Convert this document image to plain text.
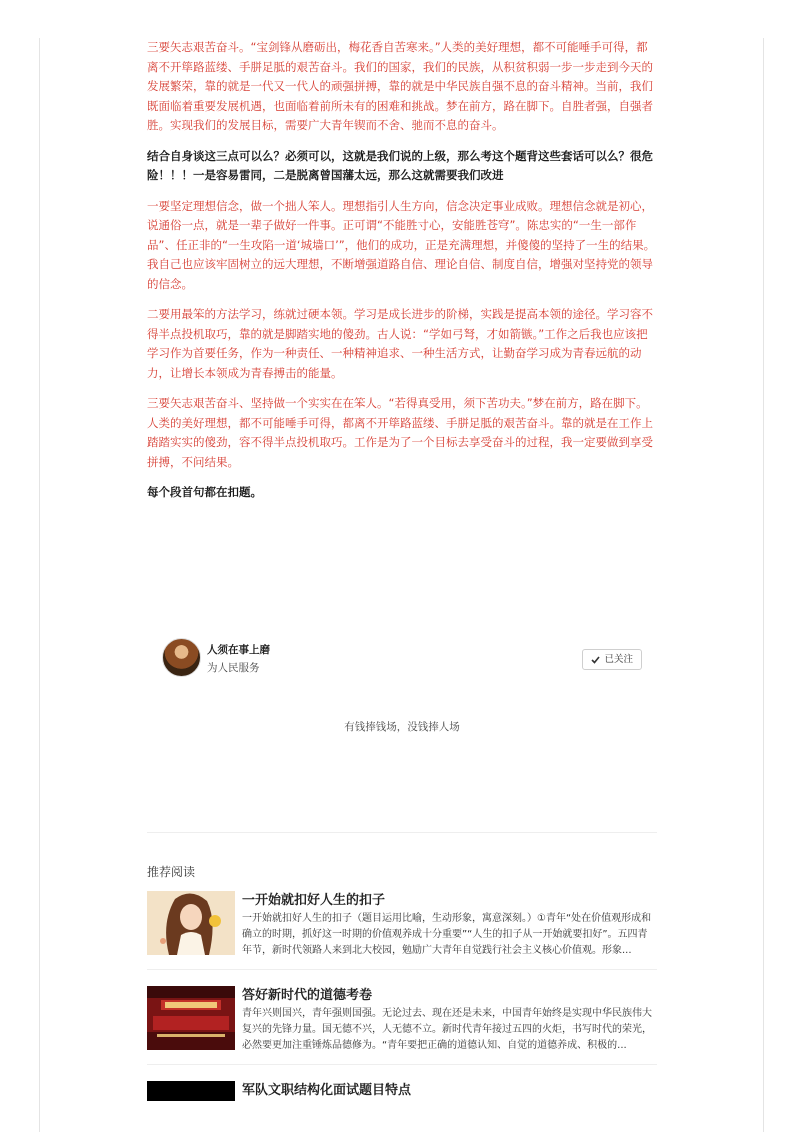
三要矢志艰苦奋斗。“宝剑锋从磨砺出，梅花香自苦寒来。”人类的美好理想，都不可能唾手可得，都离不开筚路蓝缕、手胼足胝的艰苦奋斗。我们的国家，我们的民族，从积贫积弱一步一步走到今天的发展繁荣，靠的就是一代又一代人的顽强拼搏，靠的就是中华民族自强不息的奋斗精神。当前，我们既面临着重要发展机遇，也面临着前所未有的困难和挑战。梦在前方，路在脚下。自胜者强，自强者胜。实现我们的发展目标，需要广大青年锲而不舍、驰而不息的奋斗。

结合自身谈这三点可以么？必须可以，这就是我们说的上级，那么考这个题背这些套话可以么？很危险！！！一是容易雷同，二是脱离曾国藩太远，那么这就需要我们改进

一要坚定理想信念，做一个拙人笨人。理想指引人生方向，信念决定事业成败。理想信念就是初心，说通俗一点，就是一辈子做好一件事。正可谓“不能胜寸心，安能胜苍穹”。陈忠实的“一生一部作品”、任正非的“一生攻陷一道‘城墙口’”，他们的成功，正是充满理想，并傻傻的坚持了一生的结果。我自己也应该牢固树立的远大理想，不断增强道路自信、理论自信、制度自信，增强对坚持党的领导的信念。

二要用最笨的方法学习，练就过硬本领。学习是成长进步的阶梯，实践是提高本领的途径。学习容不得半点投机取巧，靠的就是脚踏实地的傻劲。古人说：“学如弓弩，才如箭镞。”工作之后我也应该把学习作为首要任务，作为一种责任、一种精神追求、一种生活方式，让勤奋学习成为青春远航的动力，让增长本领成为青春搏击的能量。

三要矢志艰苦奋斗、坚持做一个实实在在笨人。“若得真受用，须下苦功夫。”梦在前方，路在脚下。人类的美好理想，都不可能唾手可得，都离不开筚路蓝缕、手胼足胝的艰苦奋斗。靠的就是在工作上踏踏实实的傻劲，容不得半点投机取巧。工作是为了一个目标去享受奋斗的过程，我一定要做到享受拼搏，不问结果。

每个段首句都在扣题。

人须在事上磨
为人民服务
已关注
有钱捧钱场，没钱捧人场
推荐阅读
一开始就扣好人生的扣子
一开始就扣好人生的扣子（题目运用比喻，生动形象，寓意深刻。）①青年“处在价值观形成和确立的时期，抓好这一时期的价值观养成十分重要”“人生的扣子从一开始就要扣好”。五四青年节，新时代领路人来到北大校园，勉励广大青年自觉践行社会主义核心价值观。形象...
答好新时代的道德考卷
青年兴则国兴，青年强则国强。无论过去、现在还是未来，中国青年始终是实现中华民族伟大复兴的先锋力量。国无德不兴，人无德不立。新时代青年接过五四的火炬，书写时代的荣光，必然要更加注重锤炼品德修为。“青年要把正确的道德认知、自觉的道德养成、积极的...
军队文职结构化面试题目特点
